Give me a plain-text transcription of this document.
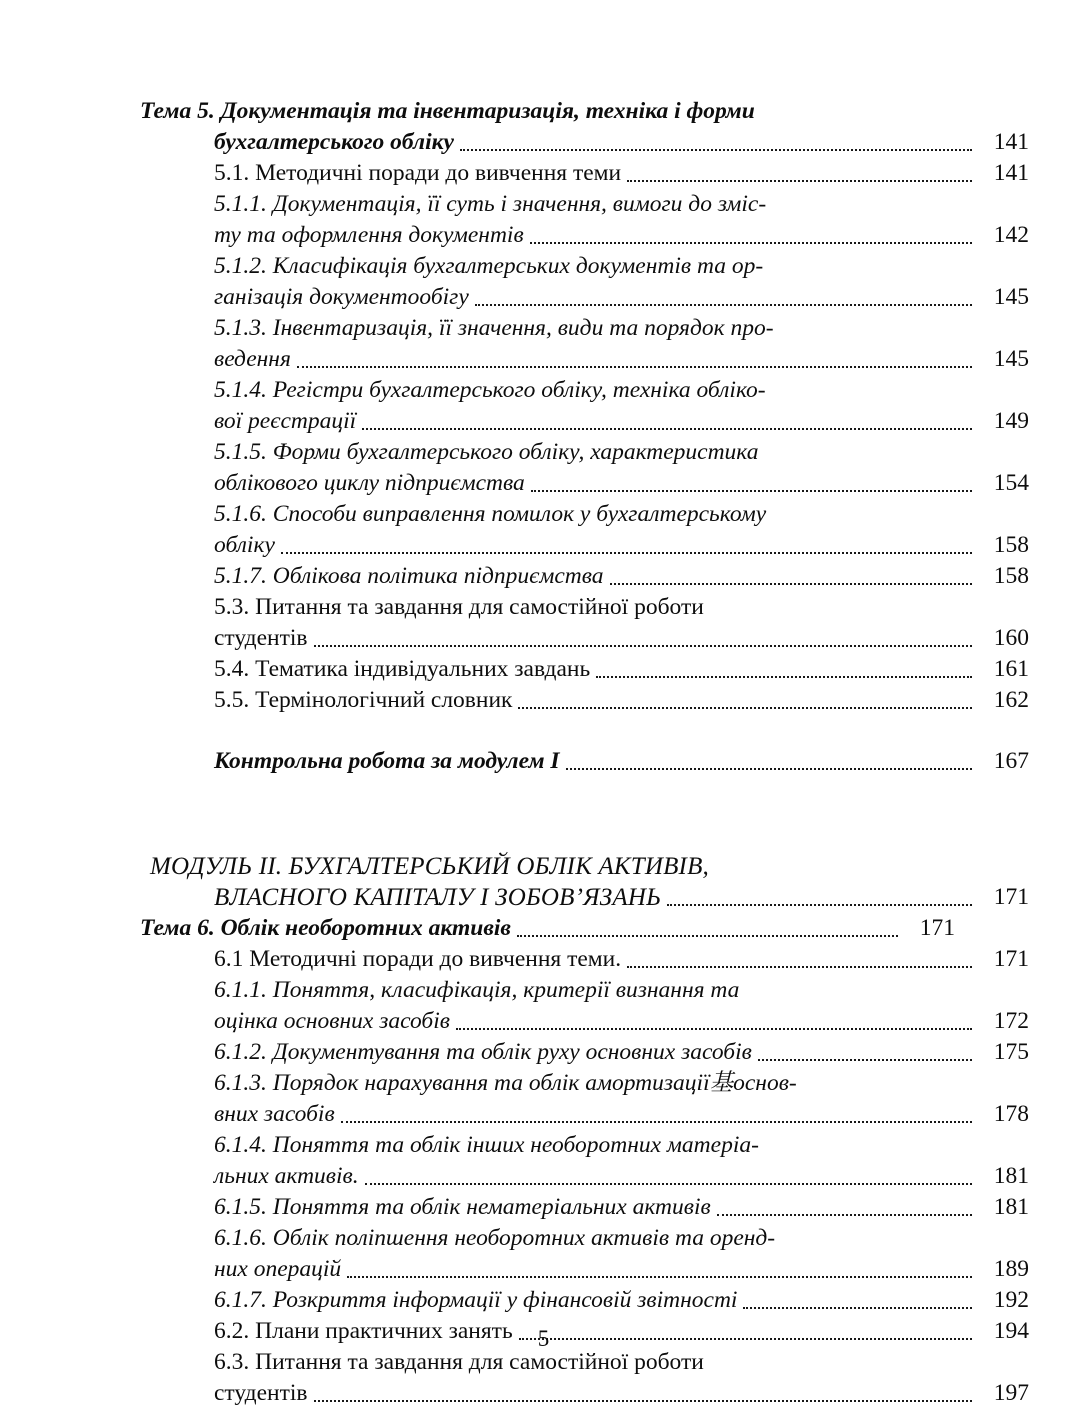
Тема 5. Документація та інвентаризація, техніка і форми
бухгалтерського обліку	141
5.1. Методичні поради до вивчення теми	141
5.1.1. Документація, її суть і значення, вимоги до зміс-
ту та оформлення документів	142
5.1.2. Класифікація бухгалтерських документів та ор-
ганізація документообігу	145
5.1.3. Інвентаризація, її значення, види та порядок про-
ведення	145
5.1.4. Регістри бухгалтерського обліку, техніка обліко-
вої реєстрації	149
5.1.5. Форми бухгалтерського обліку, характеристика
облікового циклу підприємства	154
5.1.6. Способи виправлення помилок у бухгалтерському
обліку	158
5.1.7. Облікова політика підприємства	158
5.3. Питання та завдання для самостійної роботи
студентів	160
5.4. Тематика індивідуальних завдань	161
5.5. Термінологічний словник	162
Контрольна робота за модулем I	167
МОДУЛЬ II. БУХГАЛТЕРСЬКИЙ ОБЛІК АКТИВІВ,
ВЛАСНОГО КАПІТАЛУ І ЗОБОВ’ЯЗАНЬ	171
Тема 6. Облік необоротних активів	171
6.1 Методичні поради до вивчення теми.	171
6.1.1. Поняття, класифікація, критерії визнання та
оцінка основних засобів	172
6.1.2. Документування та облік руху основних засобів	175
6.1.3. Порядок нарахування та облік амортизації基основ-
вних засобів	178
6.1.4. Поняття та облік інших необоротних матеріа-
льних активів.	181
6.1.5. Поняття та облік нематеріальних активів	181
6.1.6. Облік поліпшення необоротних активів та оренд-
них операцій	189
6.1.7. Розкриття інформації у фінансовій звітності	192
6.2. Плани практичних занять	194
6.3. Питання та завдання для самостійної роботи
студентів	197
5
